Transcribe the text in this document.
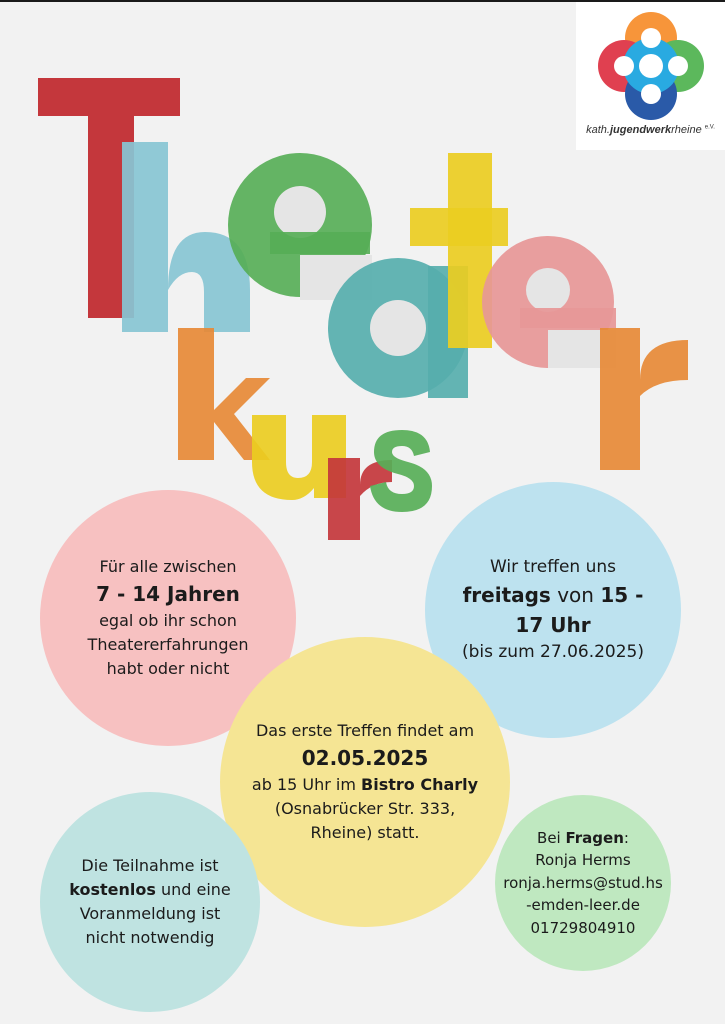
kath.jugendwerkrheine $^{e.V.}$
Für alle zwischen
7 - 14 Jahren
egal ob ihr schon
Theatererfahrungen
habt oder nicht
Wir treffen uns
freitags von 15 -
17 Uhr
(bis zum 27.06.2025)
Das erste Treffen findet am
02.05.2025
ab 15 Uhr im Bistro Charly
(Osnabrücker Str. 333,
Rheine) statt.
Die Teilnahme ist
kostenlos und eine
Voranmeldung ist
nicht notwendig
Bei Fragen:
Ronja Herms
ronja.herms@stud.hs
-emden-leer.de
01729804910
